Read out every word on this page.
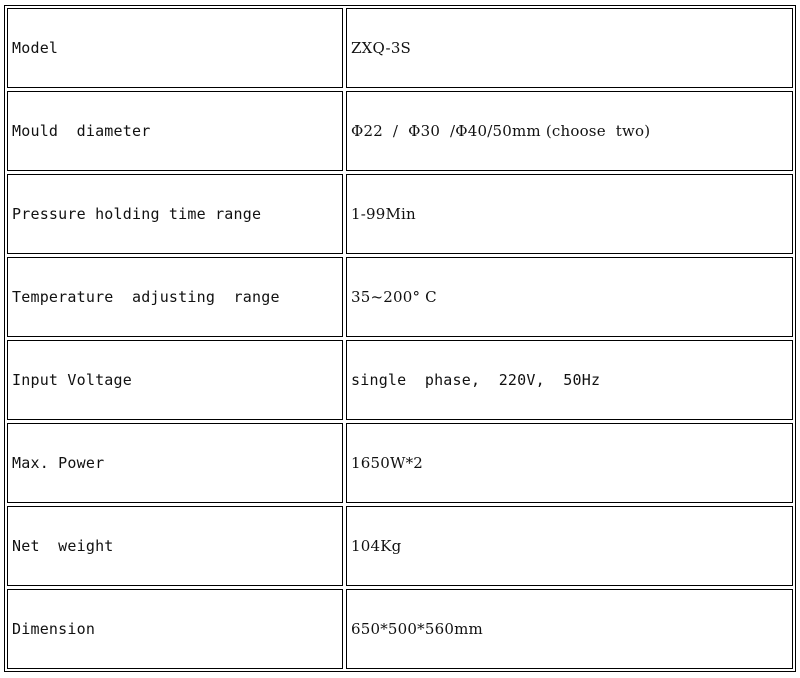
Model	ZXQ-3S
Mould  diameter	Φ22  /  Φ30  /Φ40/50mm (choose  two)
Pressure holding time range	1-99Min
Temperature  adjusting  range	35~200° C
Input Voltage	single  phase,  220V,  50Hz
Max. Power	1650W*2
Net  weight	104Kg
Dimension	650*500*560mm
